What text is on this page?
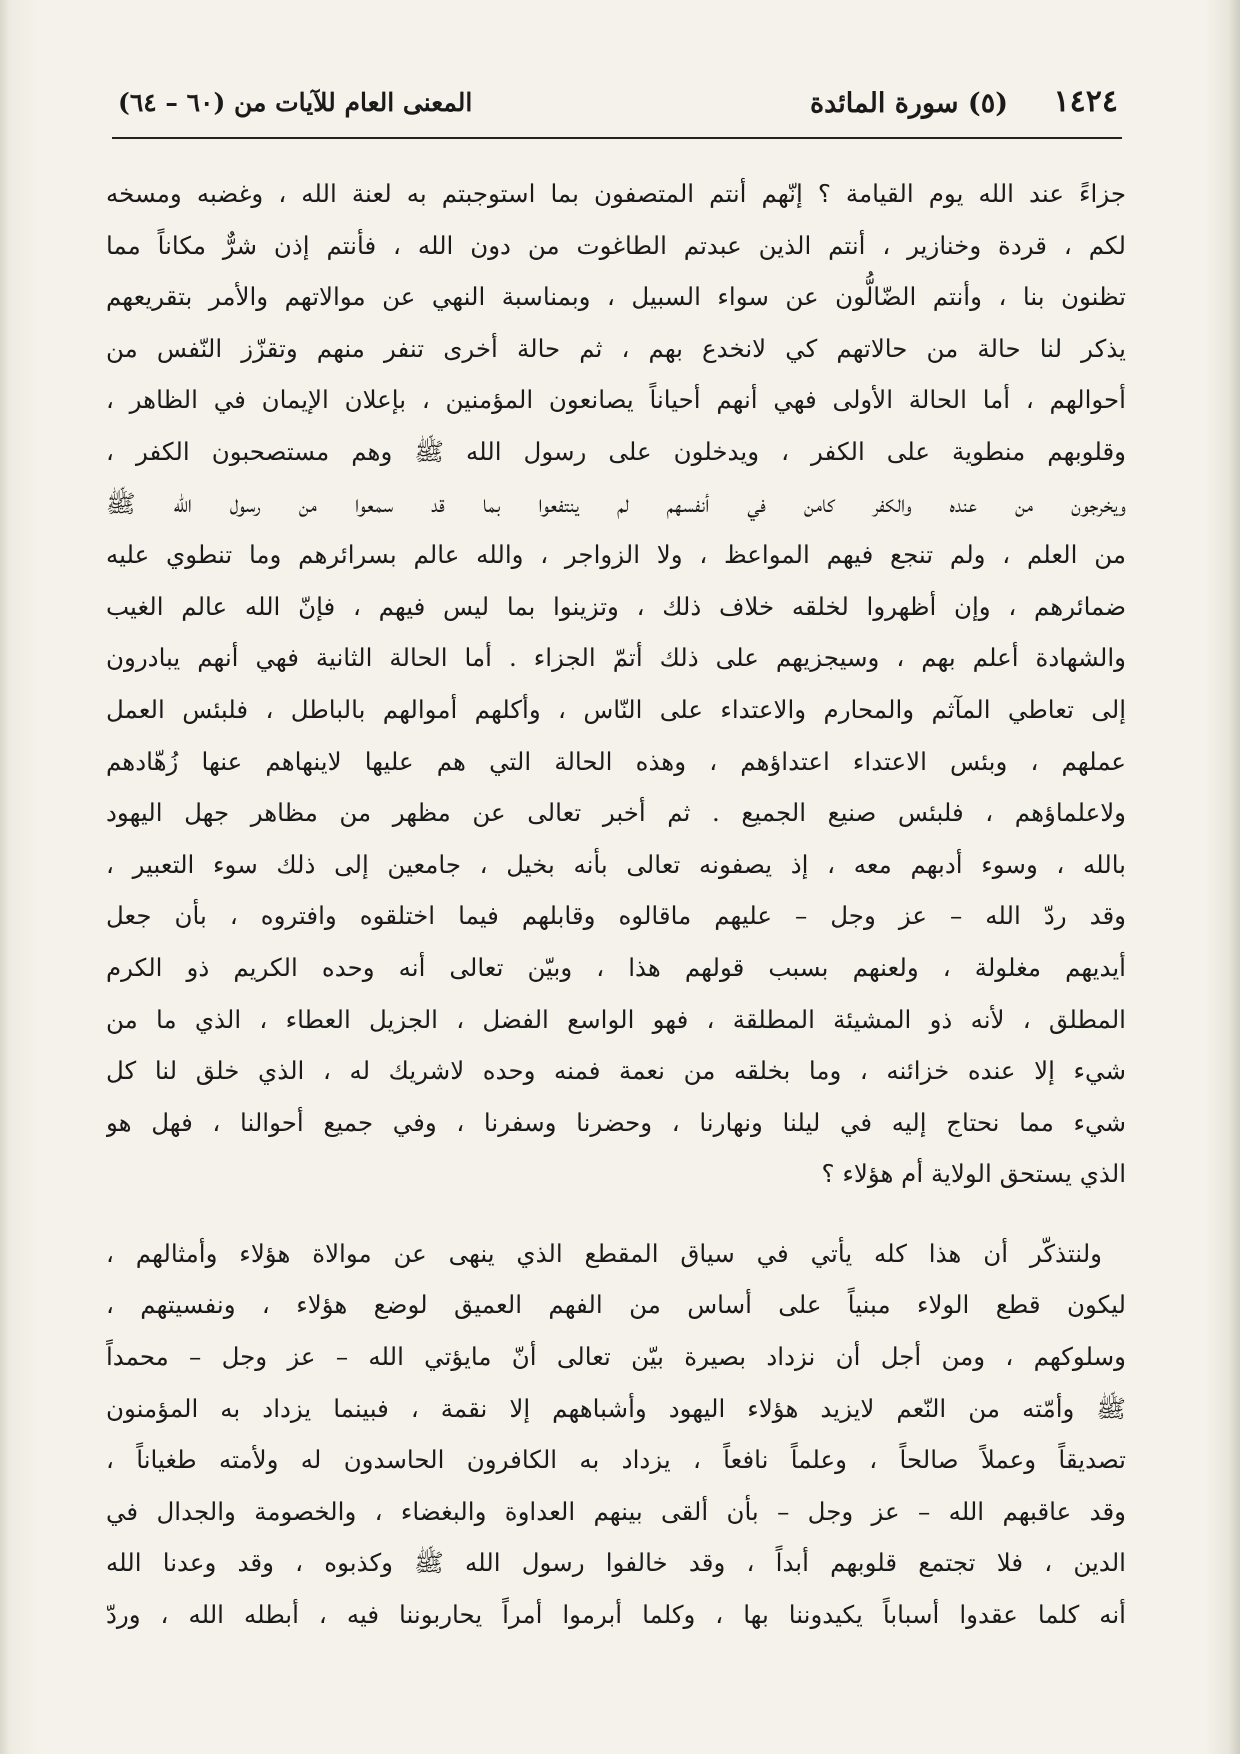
١٤٢٤
(٥) سورة المائدة
المعنى العام للآيات من (٦٠ – ٦٤)
جزاءً عند الله يوم القيامة ؟ إنّهم أنتم المتصفون بما استوجبتم به لعنة الله ، وغضبه ومسخه
لكم ، قردة وخنازير ، أنتم الذين عبدتم الطاغوت من دون الله ، فأنتم إذن شرٌّ مكاناً مما
تظنون بنا ، وأنتم الضّالُّون عن سواء السبيل ، وبمناسبة النهي عن موالاتهم والأمر بتقريعهم
يذكر لنا حالة من حالاتهم كي لانخدع بهم ، ثم حالة أخرى تنفر منهم وتقزّز النّفس من
أحوالهم ، أما الحالة الأولى فهي أنهم أحياناً يصانعون المؤمنين ، بإعلان الإيمان في الظاهر ،
وقلوبهم منطوية على الكفر ، ويدخلون على رسول الله ﷺ وهم مستصحبون الكفر ،
ويخرجون من عنده والكفر كامن في أنفسهم لم ينتفعوا بما قد سمعوا من رسول الله ﷺ
من العلم ، ولم تنجع فيهم المواعظ ، ولا الزواجر ، والله عالم بسرائرهم وما تنطوي عليه
ضمائرهم ، وإن أظهروا لخلقه خلاف ذلك ، وتزينوا بما ليس فيهم ، فإنّ الله عالم الغيب
والشهادة أعلم بهم ، وسيجزيهم على ذلك أتمّ الجزاء . أما الحالة الثانية فهي أنهم يبادرون
إلى تعاطي المآثم والمحارم والاعتداء على النّاس ، وأكلهم أموالهم بالباطل ، فلبئس العمل
عملهم ، وبئس الاعتداء اعتداؤهم ، وهذه الحالة التي هم عليها لاينهاهم عنها زُهّادهم
ولاعلماؤهم ، فلبئس صنيع الجميع . ثم أخبر تعالى عن مظهر من مظاهر جهل اليهود
بالله ، وسوء أدبهم معه ، إذ يصفونه تعالى بأنه بخيل ، جامعين إلى ذلك سوء التعبير ،
وقد ردّ الله – عز وجل – عليهم ماقالوه وقابلهم فيما اختلقوه وافتروه ، بأن جعل
أيديهم مغلولة ، ولعنهم بسبب قولهم هذا ، وبيّن تعالى أنه وحده الكريم ذو الكرم
المطلق ، لأنه ذو المشيئة المطلقة ، فهو الواسع الفضل ، الجزيل العطاء ، الذي ما من
شيء إلا عنده خزائنه ، وما بخلقه من نعمة فمنه وحده لاشريك له ، الذي خلق لنا كل
شيء مما نحتاج إليه في ليلنا ونهارنا ، وحضرنا وسفرنا ، وفي جميع أحوالنا ، فهل هو
الذي يستحق الولاية أم هؤلاء ؟
ولنتذكّر أن هذا كله يأتي في سياق المقطع الذي ينهى عن موالاة هؤلاء وأمثالهم ،
ليكون قطع الولاء مبنياً على أساس من الفهم العميق لوضع هؤلاء ، ونفسيتهم ،
وسلوكهم ، ومن أجل أن نزداد بصيرة بيّن تعالى أنّ مايؤتي الله – عز وجل – محمداً
ﷺ وأمّته من النّعم لايزيد هؤلاء اليهود وأشباههم إلا نقمة ، فبينما يزداد به المؤمنون
تصديقاً وعملاً صالحاً ، وعلماً نافعاً ، يزداد به الكافرون الحاسدون له ولأمته طغياناً ،
وقد عاقبهم الله – عز وجل – بأن ألقى بينهم العداوة والبغضاء ، والخصومة والجدال في
الدين ، فلا تجتمع قلوبهم أبداً ، وقد خالفوا رسول الله ﷺ وكذبوه ، وقد وعدنا الله
أنه كلما عقدوا أسباباً يكيدوننا بها ، وكلما أبرموا أمراً يحاربوننا فيه ، أبطله الله ، وردّ
